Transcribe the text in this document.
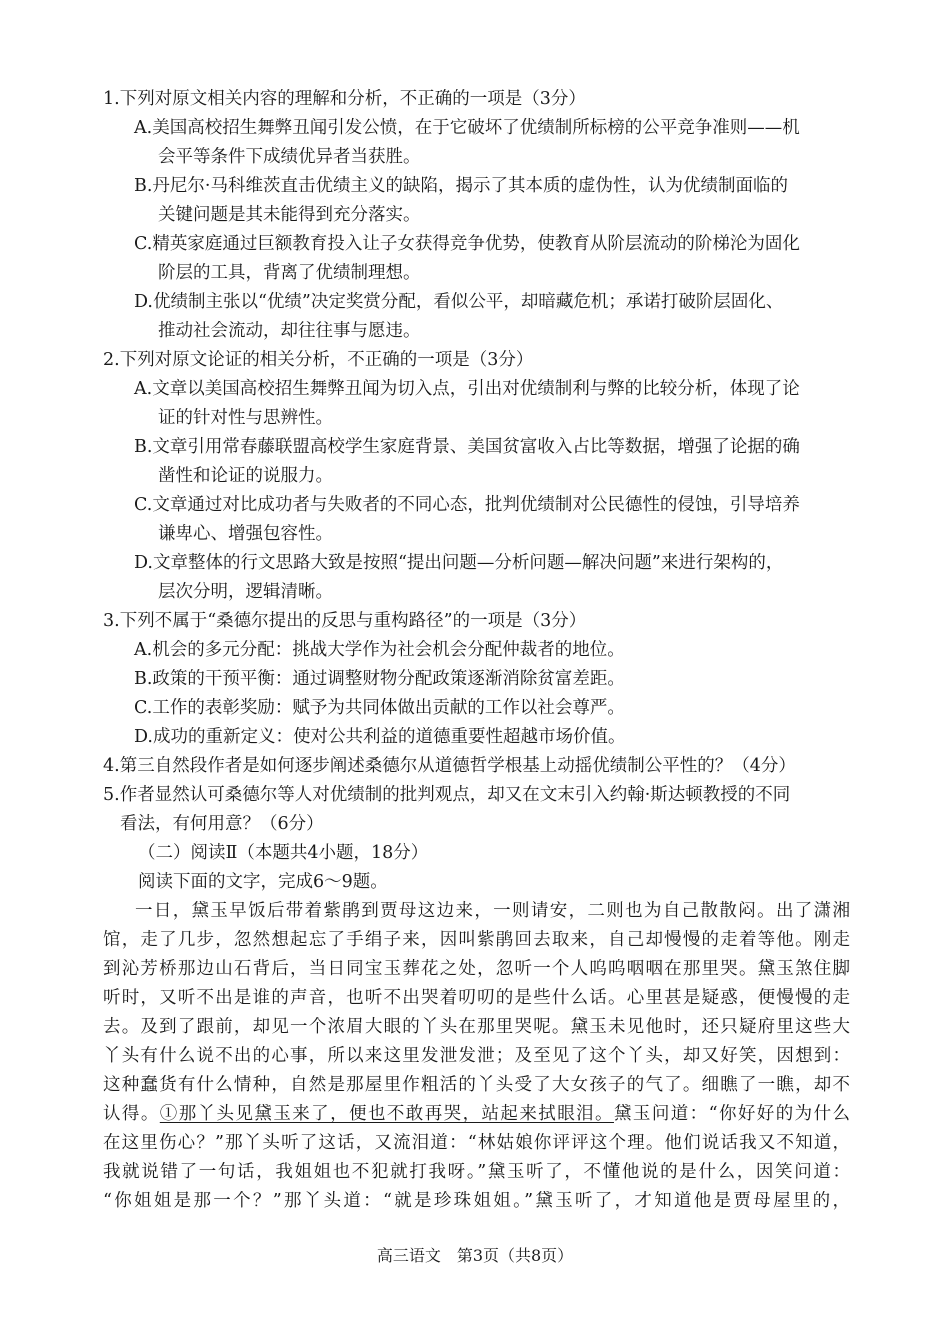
1.下列对原文相关内容的理解和分析，不正确的一项是（3分）
A.美国高校招生舞弊丑闻引发公愤，在于它破坏了优绩制所标榜的公平竞争准则——机
会平等条件下成绩优异者当获胜。
B.丹尼尔·马科维茨直击优绩主义的缺陷，揭示了其本质的虚伪性，认为优绩制面临的
关键问题是其未能得到充分落实。
C.精英家庭通过巨额教育投入让子女获得竞争优势，使教育从阶层流动的阶梯沦为固化
阶层的工具，背离了优绩制理想。
D.优绩制主张以“优绩”决定奖赏分配，看似公平，却暗藏危机；承诺打破阶层固化、
推动社会流动，却往往事与愿违。
2.下列对原文论证的相关分析，不正确的一项是（3分）
A.文章以美国高校招生舞弊丑闻为切入点，引出对优绩制利与弊的比较分析，体现了论
证的针对性与思辨性。
B.文章引用常春藤联盟高校学生家庭背景、美国贫富收入占比等数据，增强了论据的确
凿性和论证的说服力。
C.文章通过对比成功者与失败者的不同心态，批判优绩制对公民德性的侵蚀，引导培养
谦卑心、增强包容性。
D.文章整体的行文思路大致是按照“提出问题—分析问题—解决问题”来进行架构的，
层次分明，逻辑清晰。
3.下列不属于“桑德尔提出的反思与重构路径”的一项是（3分）
A.机会的多元分配：挑战大学作为社会机会分配仲裁者的地位。
B.政策的干预平衡：通过调整财物分配政策逐渐消除贫富差距。
C.工作的表彰奖励：赋予为共同体做出贡献的工作以社会尊严。
D.成功的重新定义：使对公共利益的道德重要性超越市场价值。
4.第三自然段作者是如何逐步阐述桑德尔从道德哲学根基上动摇优绩制公平性的？（4分）
5.作者显然认可桑德尔等人对优绩制的批判观点，却又在文末引入约翰·斯达顿教授的不同
看法，有何用意？（6分）
（二）阅读Ⅱ（本题共4小题，18分）
阅读下面的文字，完成6～9题。
一日，黛玉早饭后带着紫鹃到贾母这边来，一则请安，二则也为自己散散闷。出了潇湘
馆，走了几步，忽然想起忘了手绢子来，因叫紫鹃回去取来，自己却慢慢的走着等他。刚走
到沁芳桥那边山石背后，当日同宝玉葬花之处，忽听一个人呜呜咽咽在那里哭。黛玉煞住脚
听时，又听不出是谁的声音，也听不出哭着叨叨的是些什么话。心里甚是疑惑，便慢慢的走
去。及到了跟前，却见一个浓眉大眼的丫头在那里哭呢。黛玉未见他时，还只疑府里这些大
丫头有什么说不出的心事，所以来这里发泄发泄；及至见了这个丫头，却又好笑，因想到：
这种蠢货有什么情种，自然是那屋里作粗活的丫头受了大女孩子的气了。细瞧了一瞧，却不
认得。①那丫头见黛玉来了，便也不敢再哭，站起来拭眼泪。黛玉问道：“你好好的为什么
在这里伤心？”那丫头听了这话，又流泪道：“林姑娘你评评这个理。他们说话我又不知道，
我就说错了一句话，我姐姐也不犯就打我呀。”黛玉听了，不懂他说的是什么，因笑问道：
“你姐姐是那一个？”那丫头道：“就是珍珠姐姐。”黛玉听了，才知道他是贾母屋里的，
高三语文　第3页（共8页）
